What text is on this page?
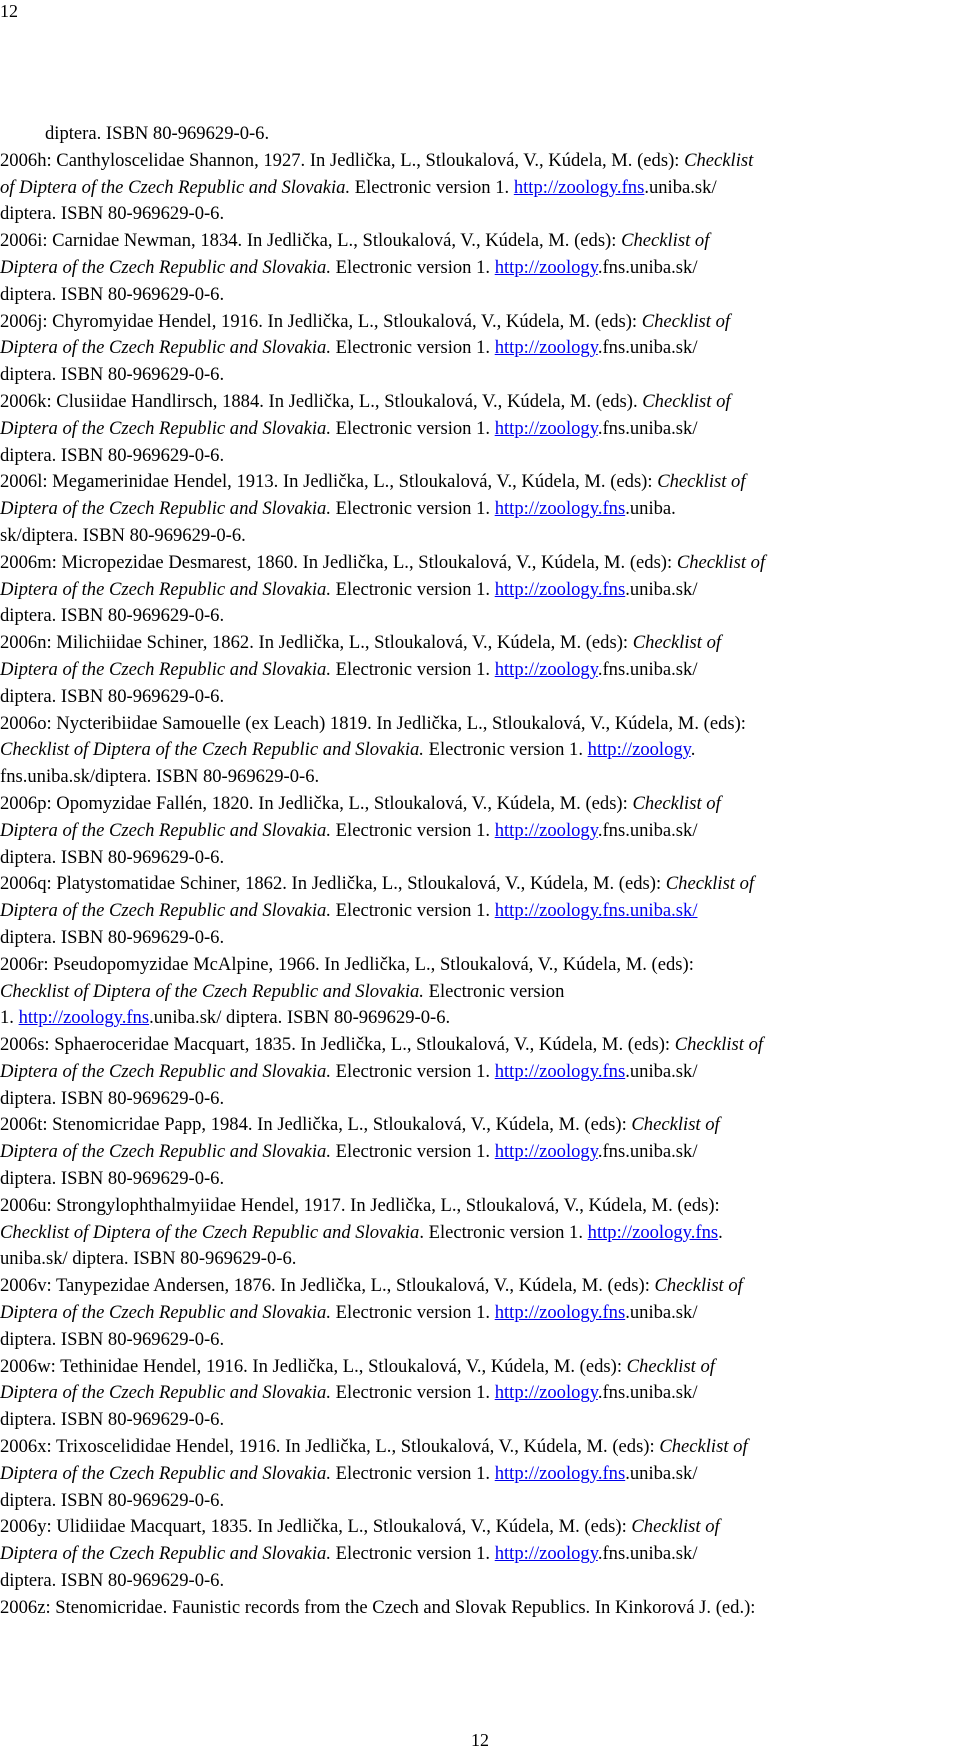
12
diptera. ISBN 80-969629-0-6.
2006h: Canthyloscelidae Shannon, 1927. In Jedlička, L., Stloukalová, V., Kúdela, M. (eds): Checklist
of Diptera of the Czech Republic and Slovakia. Electronic version 1. http://zoology.fns.uniba.sk/
diptera. ISBN 80-969629-0-6.
2006i: Carnidae Newman, 1834. In Jedlička, L., Stloukalová, V., Kúdela, M. (eds): Checklist of
Diptera of the Czech Republic and Slovakia. Electronic version 1. http://zoology.fns.uniba.sk/
diptera. ISBN 80-969629-0-6.
2006j: Chyromyidae Hendel, 1916. In Jedlička, L., Stloukalová, V., Kúdela, M. (eds): Checklist of
Diptera of the Czech Republic and Slovakia. Electronic version 1. http://zoology.fns.uniba.sk/
diptera. ISBN 80-969629-0-6.
2006k: Clusiidae Handlirsch, 1884. In Jedlička, L., Stloukalová, V., Kúdela, M. (eds). Checklist of
Diptera of the Czech Republic and Slovakia. Electronic version 1. http://zoology.fns.uniba.sk/
diptera. ISBN 80-969629-0-6.
2006l: Megamerinidae Hendel, 1913. In Jedlička, L., Stloukalová, V., Kúdela, M. (eds): Checklist of
Diptera of the Czech Republic and Slovakia. Electronic version 1. http://zoology.fns.uniba.
sk/diptera. ISBN 80-969629-0-6.
2006m: Micropezidae Desmarest, 1860. In Jedlička, L., Stloukalová, V., Kúdela, M. (eds): Checklist of
Diptera of the Czech Republic and Slovakia. Electronic version 1. http://zoology.fns.uniba.sk/
diptera. ISBN 80-969629-0-6.
2006n: Milichiidae Schiner, 1862. In Jedlička, L., Stloukalová, V., Kúdela, M. (eds): Checklist of
Diptera of the Czech Republic and Slovakia. Electronic version 1. http://zoology.fns.uniba.sk/
diptera. ISBN 80-969629-0-6.
2006o: Nycteribiidae Samouelle (ex Leach) 1819. In Jedlička, L., Stloukalová, V., Kúdela, M. (eds):
Checklist of Diptera of the Czech Republic and Slovakia. Electronic version 1. http://zoology.
fns.uniba.sk/diptera. ISBN 80-969629-0-6.
2006p: Opomyzidae Fallén, 1820. In Jedlička, L., Stloukalová, V., Kúdela, M. (eds): Checklist of
Diptera of the Czech Republic and Slovakia. Electronic version 1. http://zoology.fns.uniba.sk/
diptera. ISBN 80-969629-0-6.
2006q: Platystomatidae Schiner, 1862. In Jedlička, L., Stloukalová, V., Kúdela, M. (eds): Checklist of
Diptera of the Czech Republic and Slovakia. Electronic version 1. http://zoology.fns.uniba.sk/
diptera. ISBN 80-969629-0-6.
2006r: Pseudopomyzidae McAlpine, 1966. In Jedlička, L., Stloukalová, V., Kúdela, M. (eds):
Checklist of Diptera of the Czech Republic and Slovakia. Electronic version
1. http://zoology.fns.uniba.sk/ diptera. ISBN 80-969629-0-6.
2006s: Sphaeroceridae Macquart, 1835. In Jedlička, L., Stloukalová, V., Kúdela, M. (eds): Checklist of
Diptera of the Czech Republic and Slovakia. Electronic version 1. http://zoology.fns.uniba.sk/
diptera. ISBN 80-969629-0-6.
2006t: Stenomicridae Papp, 1984. In Jedlička, L., Stloukalová, V., Kúdela, M. (eds): Checklist of
Diptera of the Czech Republic and Slovakia. Electronic version 1. http://zoology.fns.uniba.sk/
diptera. ISBN 80-969629-0-6.
2006u: Strongylophthalmyiidae Hendel, 1917. In Jedlička, L., Stloukalová, V., Kúdela, M. (eds):
Checklist of Diptera of the Czech Republic and Slovakia. Electronic version 1. http://zoology.fns.
uniba.sk/ diptera. ISBN 80-969629-0-6.
2006v: Tanypezidae Andersen, 1876. In Jedlička, L., Stloukalová, V., Kúdela, M. (eds): Checklist of
Diptera of the Czech Republic and Slovakia. Electronic version 1. http://zoology.fns.uniba.sk/
diptera. ISBN 80-969629-0-6.
2006w: Tethinidae Hendel, 1916. In Jedlička, L., Stloukalová, V., Kúdela, M. (eds): Checklist of
Diptera of the Czech Republic and Slovakia. Electronic version 1. http://zoology.fns.uniba.sk/
diptera. ISBN 80-969629-0-6.
2006x: Trixoscelididae Hendel, 1916. In Jedlička, L., Stloukalová, V., Kúdela, M. (eds): Checklist of
Diptera of the Czech Republic and Slovakia. Electronic version 1. http://zoology.fns.uniba.sk/
diptera. ISBN 80-969629-0-6.
2006y: Ulidiidae Macquart, 1835. In Jedlička, L., Stloukalová, V., Kúdela, M. (eds): Checklist of
Diptera of the Czech Republic and Slovakia. Electronic version 1. http://zoology.fns.uniba.sk/
diptera. ISBN 80-969629-0-6.
2006z: Stenomicridae. Faunistic records from the Czech and Slovak Republics. In Kinkorová J. (ed.):
12
